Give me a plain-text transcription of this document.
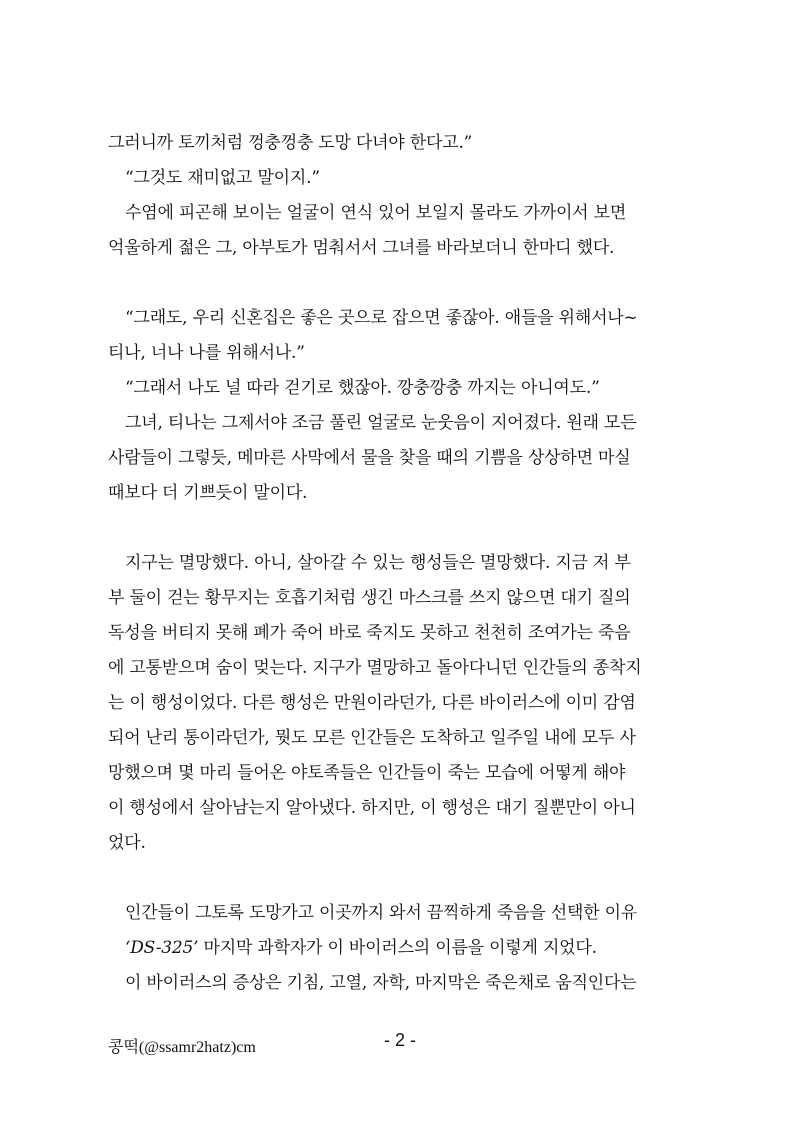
그러니까 토끼처럼 껑충껑충 도망 다녀야 한다고.”
“그것도 재미없고 말이지.”
수염에 피곤해 보이는 얼굴이 연식 있어 보일지 몰라도 가까이서 보면
억울하게 젊은 그, 아부토가 멈춰서서 그녀를 바라보더니 한마디 했다.
“그래도, 우리 신혼집은 좋은 곳으로 잡으면 좋잖아. 애들을 위해서나~
티나, 너나 나를 위해서나.”
“그래서 나도 널 따라 걷기로 했잖아. 깡충깡충 까지는 아니여도.”
그녀, 티나는 그제서야 조금 풀린 얼굴로 눈웃음이 지어졌다. 원래 모든
사람들이 그렇듯, 메마른 사막에서 물을 찾을 때의 기쁨을 상상하면 마실
때보다 더 기쁘듯이 말이다.
지구는 멸망했다. 아니, 살아갈 수 있는 행성들은 멸망했다. 지금 저 부
부 둘이 걷는 황무지는 호흡기처럼 생긴 마스크를 쓰지 않으면 대기 질의
독성을 버티지 못해 폐가 죽어 바로 죽지도 못하고 천천히 조여가는 죽음
에 고통받으며 숨이 멎는다. 지구가 멸망하고 돌아다니던 인간들의 종착지
는 이 행성이었다. 다른 행성은 만원이라던가, 다른 바이러스에 이미 감염
되어 난리 통이라던가, 뭣도 모른 인간들은 도착하고 일주일 내에 모두 사
망했으며 몇 마리 들어온 야토족들은 인간들이 죽는 모습에 어떻게 해야
이 행성에서 살아남는지 알아냈다. 하지만, 이 행성은 대기 질뿐만이 아니
었다.
인간들이 그토록 도망가고 이곳까지 와서 끔찍하게 죽음을 선택한 이유
‘DS-325’ 마지막 과학자가 이 바이러스의 이름을 이렇게 지었다.
이 바이러스의 증상은 기침, 고열, 자학, 마지막은 죽은채로 움직인다는
콩떡(@ssamr2hatz)cm	- 2 -
